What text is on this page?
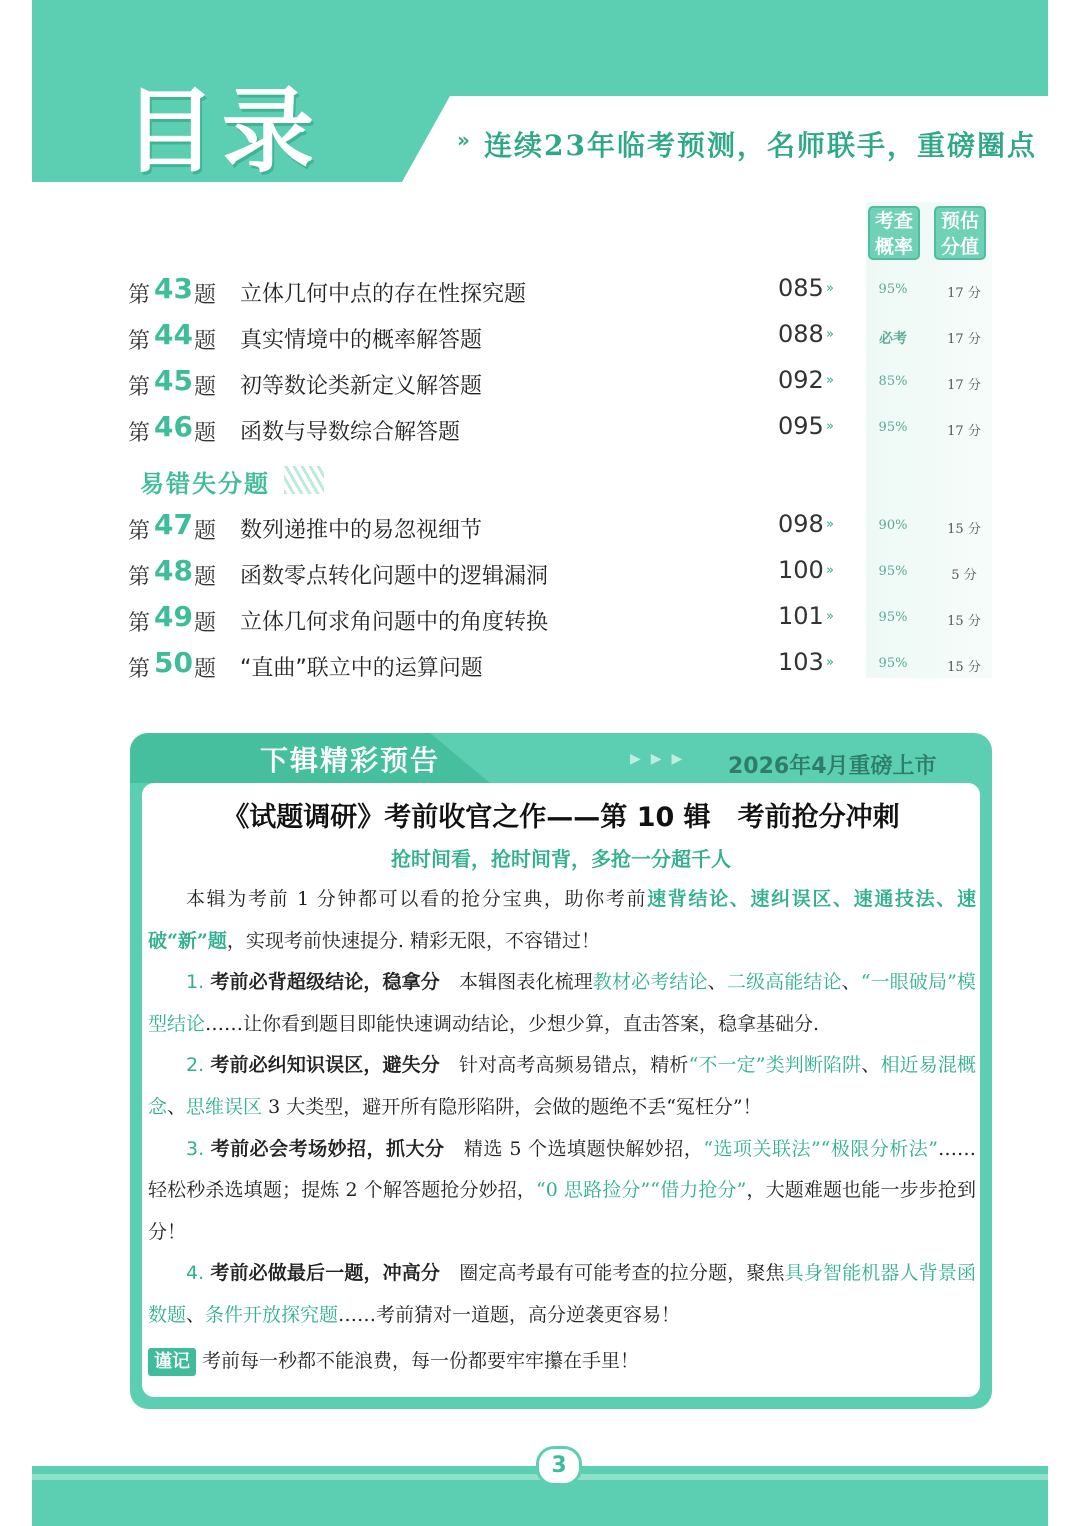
目录	» 连续23年临考预测，名师联手，重磅圈点
考查
概率
预估
分值
第 43 题 立体几何中点的存在性探究题	085 »	95%	17 分
第 44 题 真实情境中的概率解答题	088 »	必考	17 分
第 45 题 初等数论类新定义解答题	092 »	85%	17 分
第 46 题 函数与导数综合解答题	095 »	95%	17 分
易错失分题
第 47 题 数列递推中的易忽视细节	098 »	90%	15 分
第 48 题 函数零点转化问题中的逻辑漏洞	100 »	95%	5 分
第 49 题 立体几何求角问题中的角度转换	101 »	95%	15 分
第 50 题 “直曲”联立中的运算问题	103 »	95%	15 分
下辑精彩预告	▶▶▶ 2026年4月重磅上市
《试题调研》考前收官之作——第 10 辑　考前抢分冲刺
抢时间看，抢时间背，多抢一分超千人

本辑为考前 1 分钟都可以看的抢分宝典，助你考前速背结论、速纠误区、速通技法、速破“新”题，实现考前快速提分. 精彩无限，不容错过！

1. 考前必背超级结论，稳拿分　本辑图表化梳理教材必考结论、二级高能结论、“一眼破局”模型结论……让你看到题目即能快速调动结论，少想少算，直击答案，稳拿基础分.

2. 考前必纠知识误区，避失分　针对高考高频易错点，精析“不一定”类判断陷阱、相近易混概念、思维误区 3 大类型，避开所有隐形陷阱，会做的题绝不丢“冤枉分”！

3. 考前必会考场妙招，抓大分　精选 5 个选填题快解妙招，“选项关联法”“极限分析法”……轻松秒杀选填题；提炼 2 个解答题抢分妙招，“0 思路捡分”“借力抢分”，大题难题也能一步步抢到分！

4. 考前必做最后一题，冲高分　圈定高考最有可能考查的拉分题，聚焦具身智能机器人背景函数题、条件开放探究题……考前猜对一道题，高分逆袭更容易！

谨记 考前每一秒都不能浪费，每一份都要牢牢攥在手里！

3
